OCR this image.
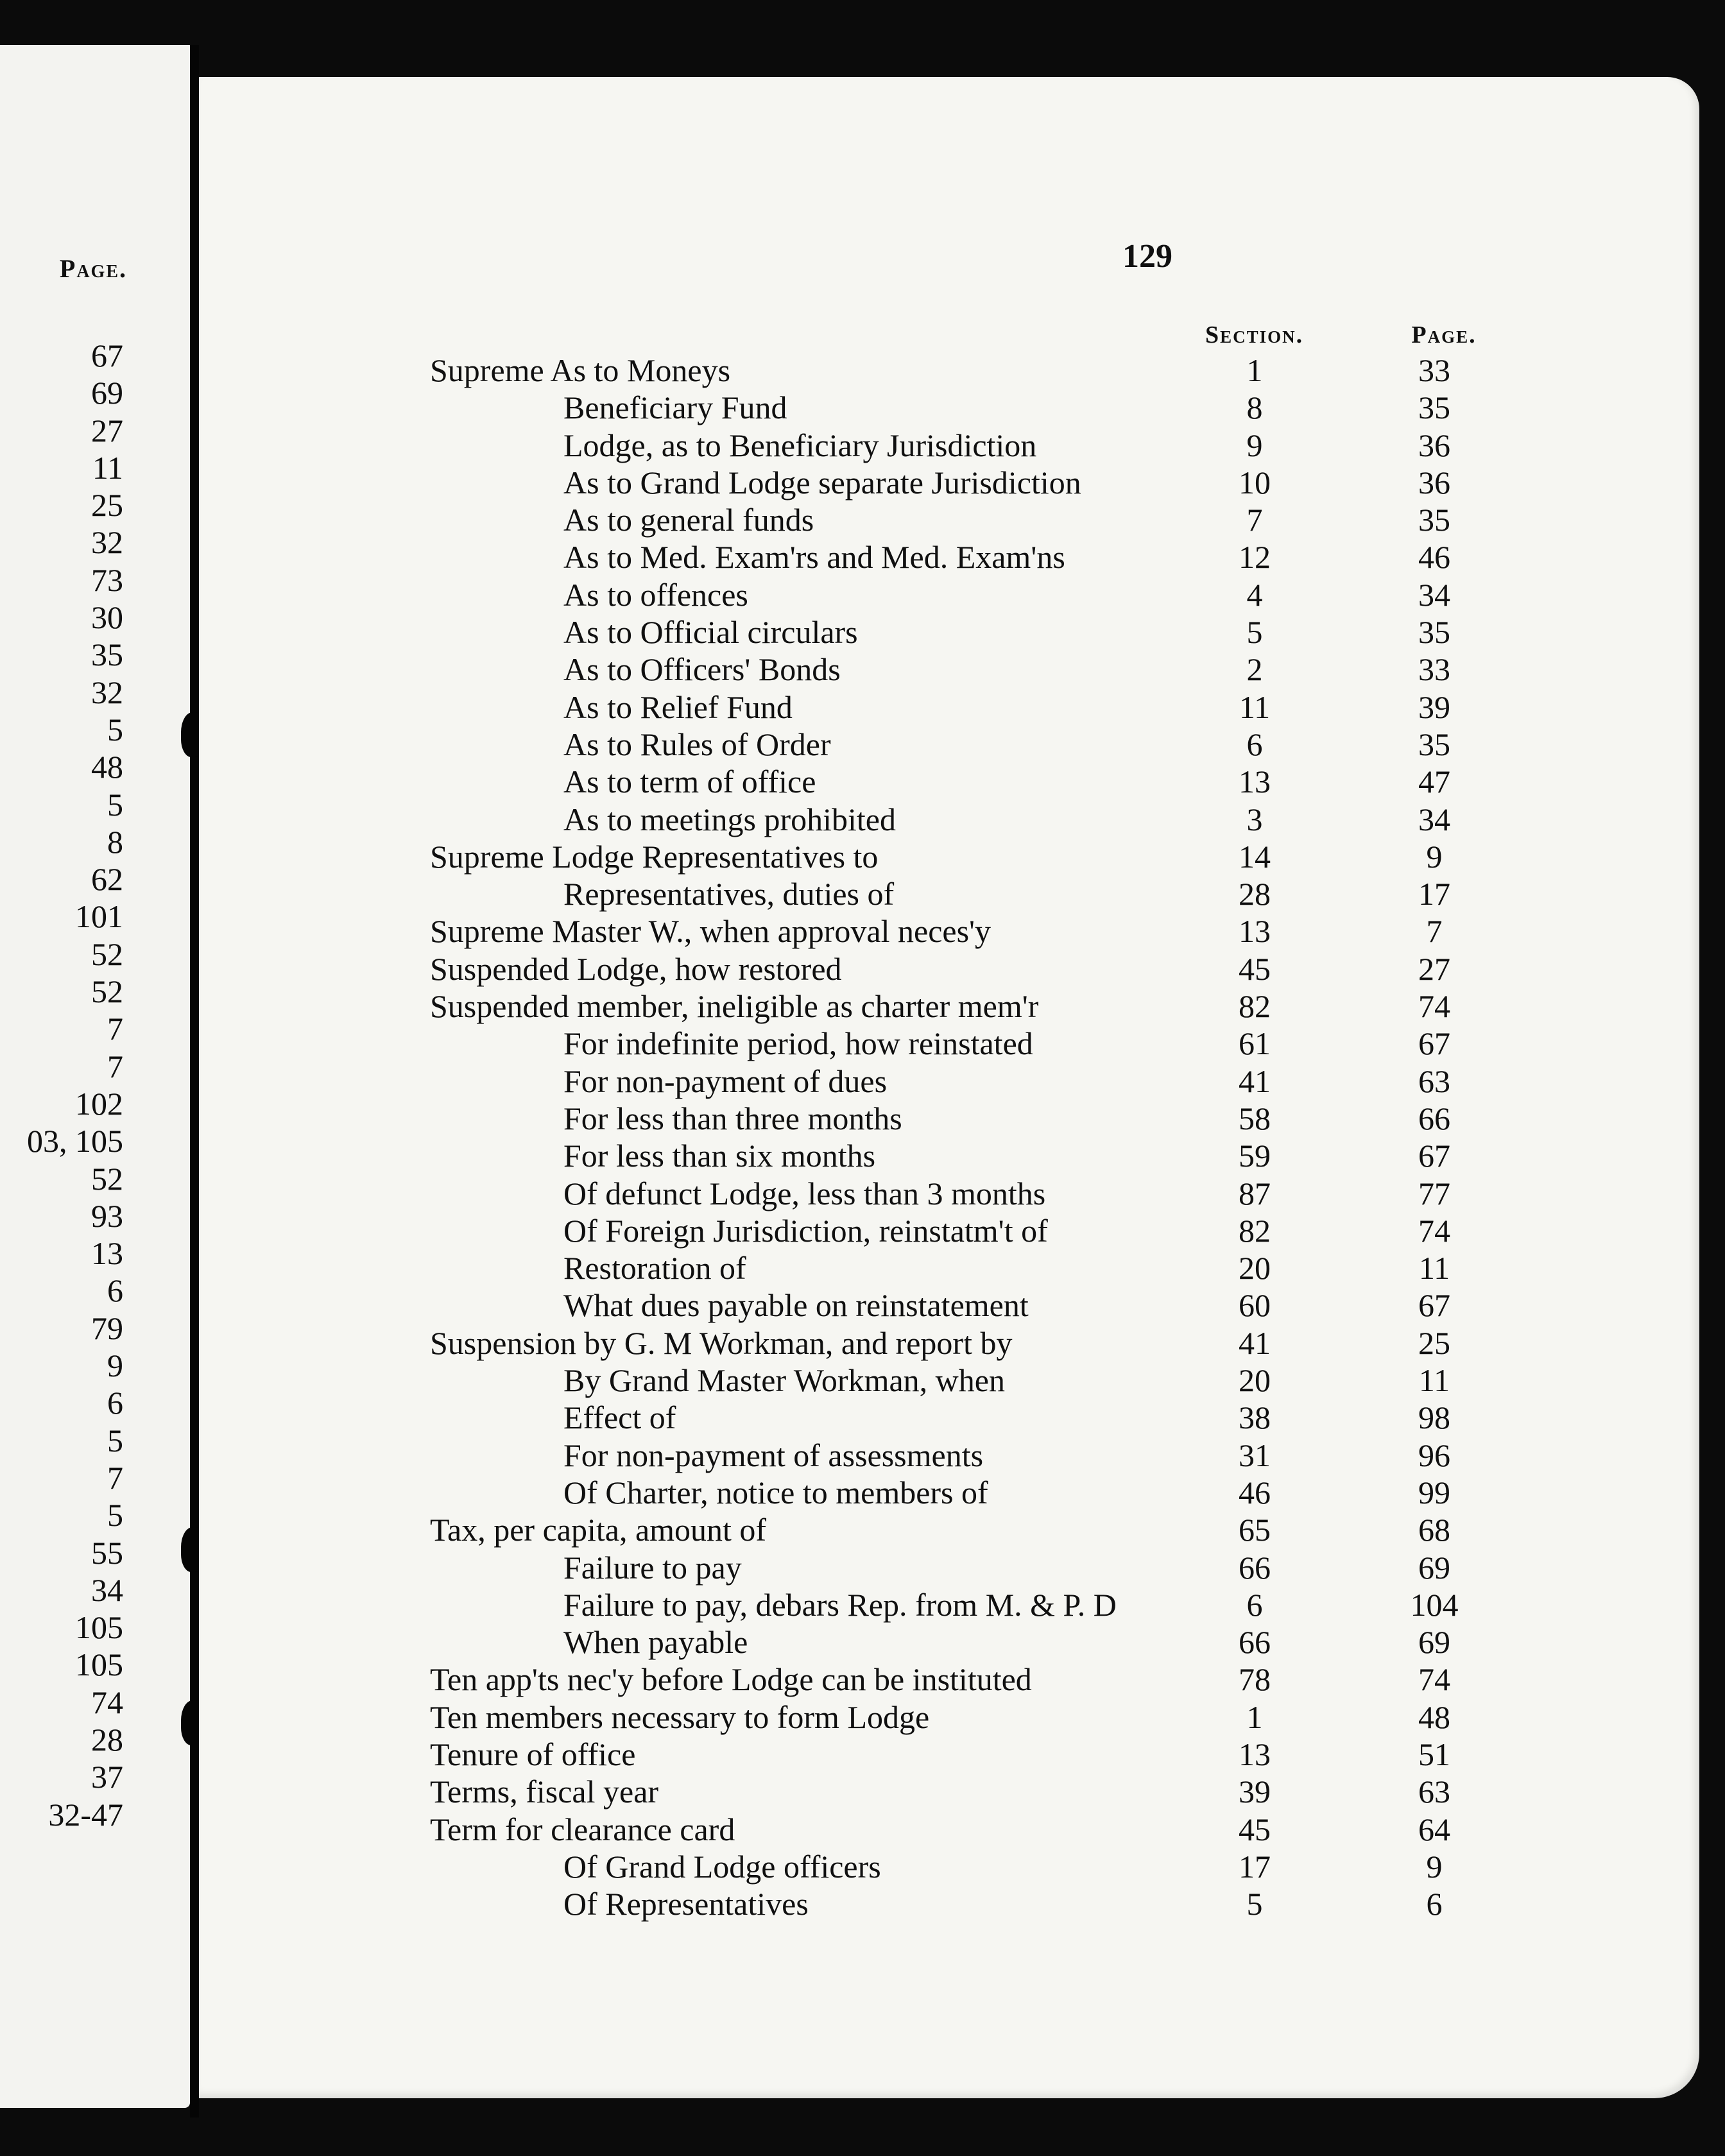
Page.
67
69
27
11
25
32
73
30
35
32
5
48
5
8
62
101
52
52
7
7
102
03, 105
52
93
13
6
79
9
6
5
7
5
55
34
105
105
74
28
37
32-47
129
Section.	Page.
Supreme As to Moneys	1	33
Beneficiary Fund	8	35
Lodge, as to Beneficiary Jurisdiction	9	36
As to Grand Lodge separate Jurisdiction	10	36
As to general funds	7	35
As to Med. Exam'rs and Med. Exam'ns	12	46
As to offences	4	34
As to Official circulars	5	35
As to Officers' Bonds	2	33
As to Relief Fund	11	39
As to Rules of Order	6	35
As to term of office	13	47
As to meetings prohibited	3	34
Supreme Lodge Representatives to	14	9
Representatives, duties of	28	17
Supreme Master W., when approval neces'y	13	7
Suspended Lodge, how restored	45	27
Suspended member, ineligible as charter mem'r	82	74
For indefinite period, how reinstated	61	67
For non-payment of dues	41	63
For less than three months	58	66
For less than six months	59	67
Of defunct Lodge, less than 3 months	87	77
Of Foreign Jurisdiction, reinstatm't of	82	74
Restoration of	20	11
What dues payable on reinstatement	60	67
Suspension by G. M Workman, and report by	41	25
By Grand Master Workman, when	20	11
Effect of	38	98
For non-payment of assessments	31	96
Of Charter, notice to members of	46	99
Tax, per capita, amount of	65	68
Failure to pay	66	69
Failure to pay, debars Rep. from M. & P. D	6	104
When payable	66	69
Ten app'ts nec'y before Lodge can be instituted	78	74
Ten members necessary to form Lodge	1	48
Tenure of office	13	51
Terms, fiscal year	39	63
Term for clearance card	45	64
Of Grand Lodge officers	17	9
Of Representatives	5	6
